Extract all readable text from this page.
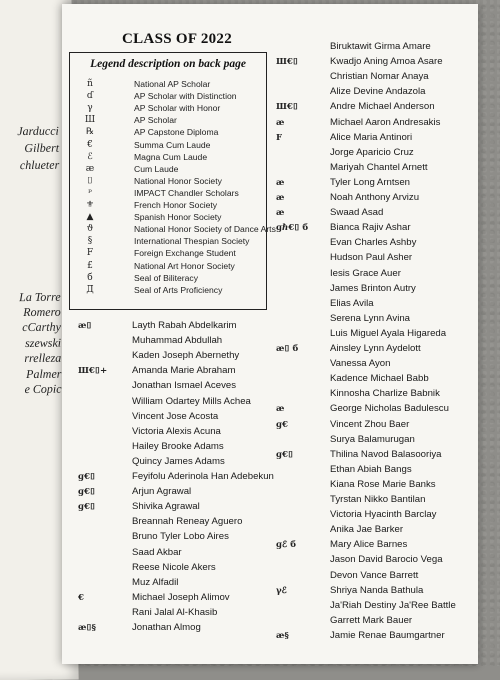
Jarducci
Gilbert
chlueter
La Torre
Romero
cCarthy
szewski
rrelleza
Palmer
e Copic
CLASS OF 2022
Legend description on back page
ñ	National AP Scholar
ɗ	AP Scholar with Distinction
γ	AP Scholar with Honor
Ш	AP Scholar
℞	AP Capstone Diploma
€	Summa Cum Laude
ℰ	Magna Cum Laude
æ	Cum Laude
⌷	National Honor Society
ᵖ	IMPACT Chandler Scholars
⚜	French Honor Society
▲	Spanish Honor Society
ϑ	National Honor Society of Dance Arts
§	International Thespian Society
F	Foreign Exchange Student
£	National Art Honor Society
б	Seal of Biliteracy
Д	Seal of Arts Proficiency
æ⌷	Layth Rabah Abdelkarim
Muhammad Abdullah
Kaden Joseph Abernethy
Ш€⌷+	Amanda Marie Abraham
Jonathan Ismael Aceves
William Odartey Mills Achea
Vincent Jose Acosta
Victoria Alexis Acuna
Hailey Brooke Adams
Quincy James Adams
ɡ€⌷	Feyifolu Aderinola Han Adebekun
ɡ€⌷	Arjun Agrawal
ɡ€⌷	Shivika Agrawal
Breannah Reneay Aguero
Bruno Tyler Lobo Aires
Saad Akbar
Reese Nicole Akers
Muz Alfadil
€	Michael Joseph Alimov
Rani Jalal Al-Khasib
æ⌷§	Jonathan Almog
Biruktawit Girma Amare
Ш€⌷	Kwadjo Aning Amoa Asare
Christian Nomar Anaya
Alize Devine Andazola
Ш€⌷	Andre Michael Anderson
æ	Michael Aaron Andresakis
F	Alice Maria Antinori
Jorge Aparicio Cruz
Mariyah Chantel Arnett
æ	Tyler Long Arntsen
æ	Noah Anthony Arvizu
æ	Swaad Asad
ɡℏ€⌷ б Bianca Rajiv Ashar
Evan Charles Ashby
Hudson Paul Asher
Iesis Grace Auer
James Brinton Autry
Elias Avila
Serena Lynn Avina
Luis Miguel Ayala Higareda
æ⌷ б	Ainsley Lynn Aydelott
Vanessa Ayon
Kadence Michael Babb
Kinnosha Charlize Babnik
æ	George Nicholas Badulescu
ɡ€	Vincent Zhou Baer
Surya Balamurugan
ɡ€⌷	Thilina Navod Balasooriya
Ethan Abiah Bangs
Kiana Rose Marie Banks
Tyrstan Nikko Bantilan
Victoria Hyacinth Barclay
Anika Jae Barker
ɡℰ б	Mary Alice Barnes
Jason David Barocio Vega
Devon Vance Barrett
γℰ	Shriya Nanda Bathula
Ja'Riah Destiny Ja'Ree Battle
Garrett Mark Bauer
æ§	Jamie Renae Baumgartner
